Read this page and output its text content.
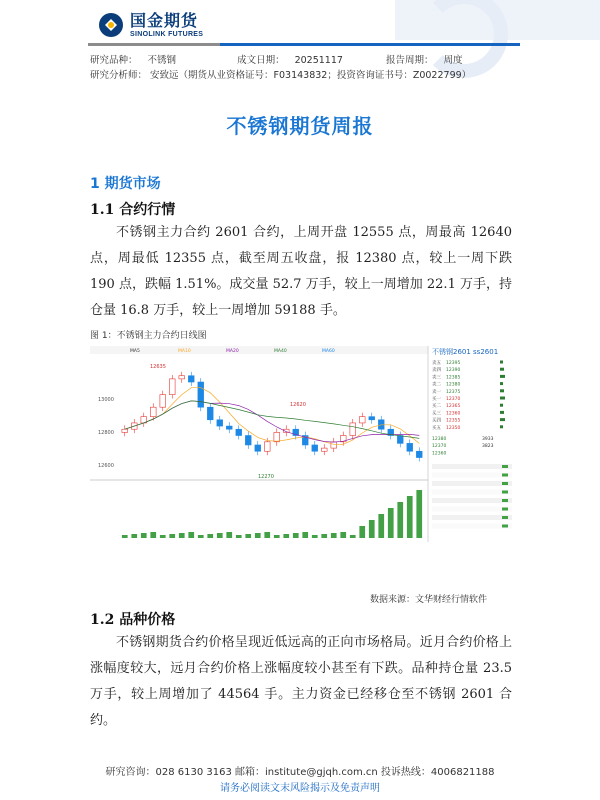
国金期货
SINOLINK FUTURES
研究品种： 不锈钢	成文日期： 20251117	报告周期： 周度
研究分析师： 安致远（期货从业资格证号：F03143832；投资咨询证书号：Z0022799）
不锈钢期货周报
1 期货市场
1.1 合约行情
不锈钢主力合约 2601 合约，上周开盘 12555 点，周最高 12640 点，周最低 12355 点，截至周五收盘，报 12380 点，较上一周下跌 190 点，跌幅 1.51%。成交量 52.7 万手，较上一周增加 22.1 万手，持仓量 16.8 万手，较上一周增加 59188 手。
图 1：不锈钢主力合约日线图
MA5	MA10	MA20	MA40	MA60
13000
12800
12600
12635
12620
12270
不锈钢2601 ss2601
卖五 12395
卖四 12390
卖三 12385
卖二 12380
卖一 12375
买一 12370
买二 12365
买三 12360
买四 12355
买五 12350
12380	3933
12370	3823
12360
数据来源：文华财经行情软件
1.2 品种价格
不锈钢期货合约价格呈现近低远高的正向市场格局。近月合约价格上涨幅度较大，远月合约价格上涨幅度较小甚至有下跌。品种持仓量 23.5 万手，较上周增加了 44564 手。主力资金已经移仓至不锈钢 2601 合约。
研究咨询：028 6130 3163 邮箱：institute@gjqh.com.cn 投诉热线：4006821188
请务必阅读文末风险揭示及免责声明
